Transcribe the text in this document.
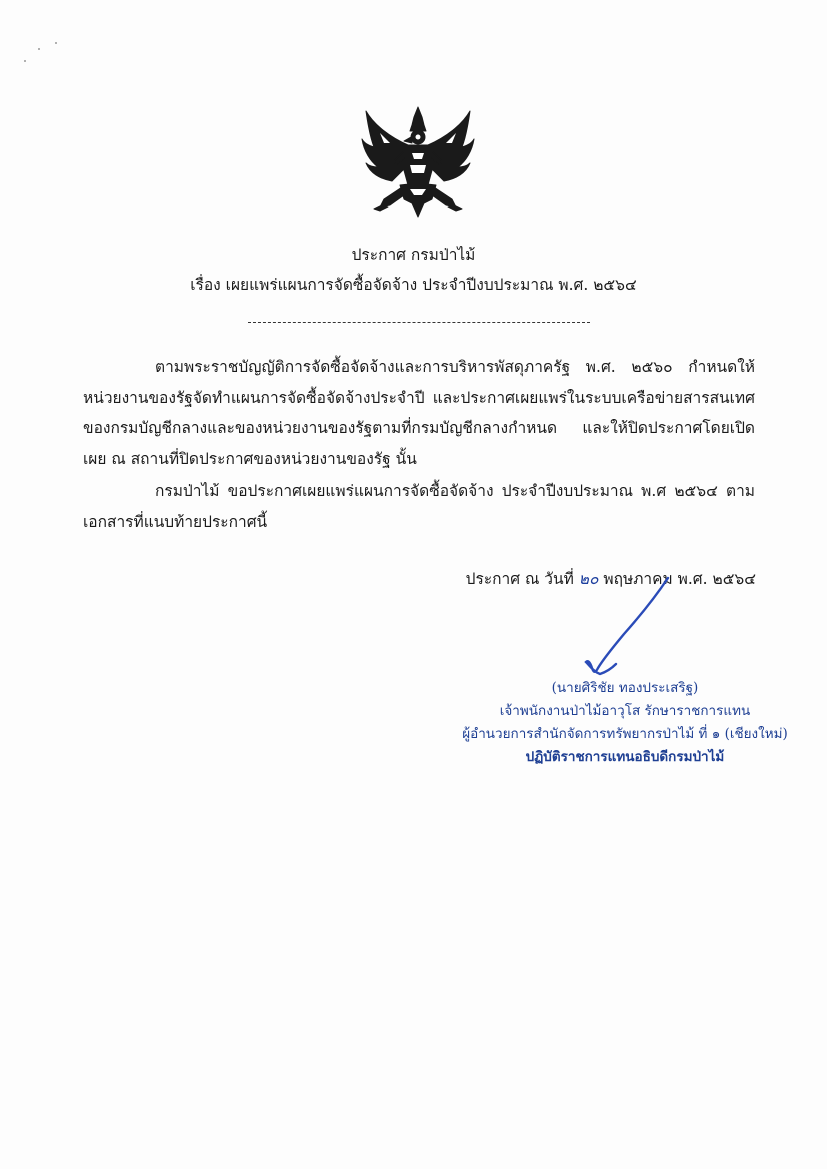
ประกาศ กรมป่าไม้
เรื่อง เผยแพร่แผนการจัดซื้อจัดจ้าง ประจำปีงบประมาณ พ.ศ. ๒๕๖๔

ตามพระราชบัญญัติการจัดซื้อจัดจ้างและการบริหารพัสดุภาครัฐ พ.ศ. ๒๕๖๐ กำหนดให้หน่วยงานของรัฐจัดทำแผนการจัดซื้อจัดจ้างประจำปี และประกาศเผยแพร่ในระบบเครือข่ายสารสนเทศของกรมบัญชีกลางและของหน่วยงานของรัฐตามที่กรมบัญชีกลางกำหนด และให้ปิดประกาศโดยเปิดเผย ณ สถานที่ปิดประกาศของหน่วยงานของรัฐ นั้น

กรมป่าไม้ ขอประกาศเผยแพร่แผนการจัดซื้อจัดจ้าง ประจำปีงบประมาณ พ.ศ ๒๕๖๔ ตามเอกสารที่แนบท้ายประกาศนี้

ประกาศ ณ วันที่ ๒๐ พฤษภาคม พ.ศ. ๒๕๖๔
(นายศิริชัย ทองประเสริฐ)
เจ้าพนักงานป่าไม้อาวุโส รักษาราชการแทน
ผู้อำนวยการสำนักจัดการทรัพยากรป่าไม้ ที่ ๑ (เชียงใหม่)
ปฏิบัติราชการแทนอธิบดีกรมป่าไม้
